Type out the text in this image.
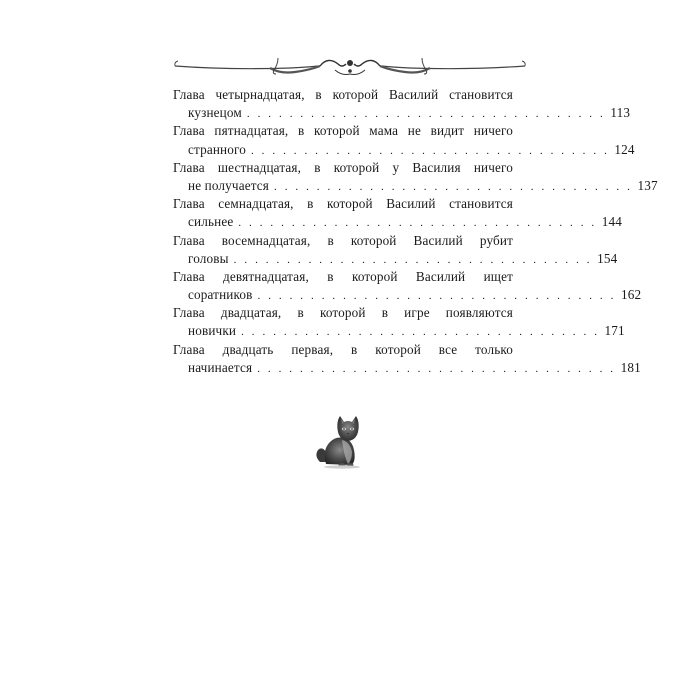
Глава четырнадцатая, в которой Василий становится
кузнецом . . . . . . . . . . . . . . . . . . . . . . . . . . . . . . . . . . 113
Глава пятнадцатая, в которой мама не видит ничего
странного . . . . . . . . . . . . . . . . . . . . . . . . . . . . . . . . . . 124
Глава шестнадцатая, в которой у Василия ничего
не получается . . . . . . . . . . . . . . . . . . . . . . . . . . . . . . . . . . 137
Глава семнадцатая, в которой Василий становится
сильнее . . . . . . . . . . . . . . . . . . . . . . . . . . . . . . . . . . 144
Глава восемнадцатая, в которой Василий рубит
головы . . . . . . . . . . . . . . . . . . . . . . . . . . . . . . . . . . 154
Глава девятнадцатая, в которой Василий ищет
соратников . . . . . . . . . . . . . . . . . . . . . . . . . . . . . . . . . . 162
Глава двадцатая, в которой в игре появляются
новички . . . . . . . . . . . . . . . . . . . . . . . . . . . . . . . . . . 171
Глава двадцать первая, в которой все только
начинается . . . . . . . . . . . . . . . . . . . . . . . . . . . . . . . . . . 181
